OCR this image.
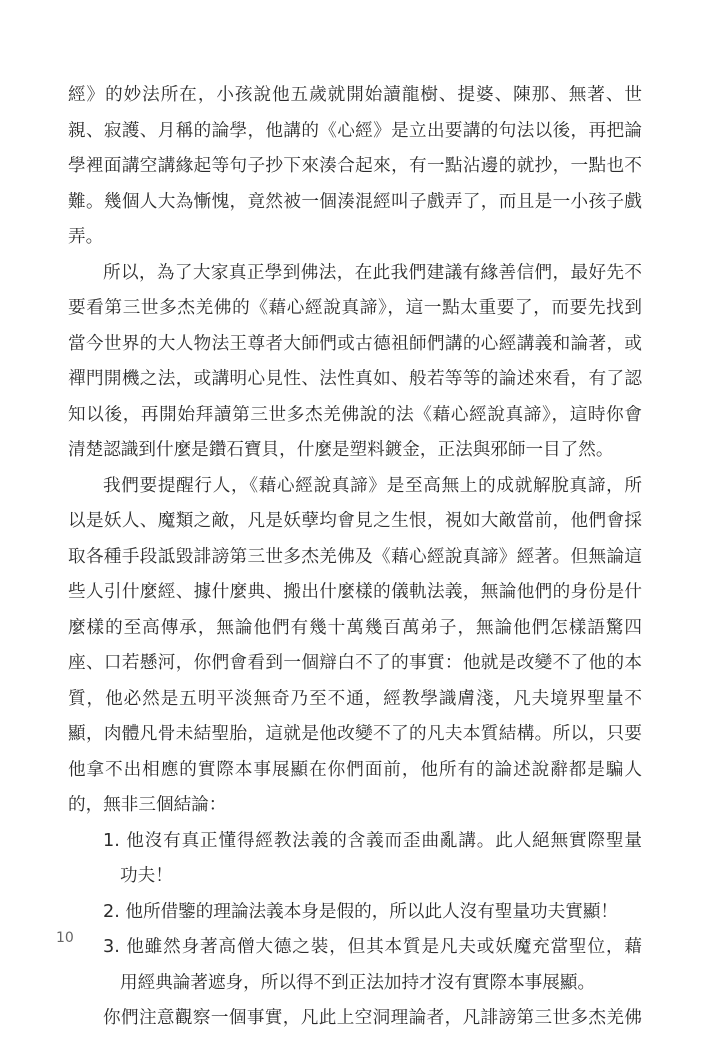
經》的妙法所在，小孩說他五歲就開始讀龍樹、提婆、陳那、無著、世
親、寂護、月稱的論學，他講的《心經》是立出要講的句法以後，再把論
學裡面講空講緣起等句子抄下來湊合起來，有一點沾邊的就抄，一點也不
難。幾個人大為慚愧，竟然被一個湊混經叫子戲弄了，而且是一小孩子戲
弄。
所以，為了大家真正學到佛法，在此我們建議有緣善信們，最好先不
要看第三世多杰羌佛的《藉心經說真諦》，這一點太重要了，而要先找到
當今世界的大人物法王尊者大師們或古德祖師們講的心經講義和論著，或
禪門開機之法，或講明心見性、法性真如、般若等等的論述來看，有了認
知以後，再開始拜讀第三世多杰羌佛說的法《藉心經說真諦》，這時你會
清楚認識到什麼是鑽石寶貝，什麼是塑料鍍金，正法與邪師一目了然。
我們要提醒行人，《藉心經說真諦》是至高無上的成就解脫真諦，所
以是妖人、魔類之敵，凡是妖孽均會見之生恨，視如大敵當前，他們會採
取各種手段詆毀誹謗第三世多杰羌佛及《藉心經說真諦》經著。但無論這
些人引什麼經、據什麼典、搬出什麼樣的儀軌法義，無論他們的身份是什
麼樣的至高傳承，無論他們有幾十萬幾百萬弟子，無論他們怎樣語驚四
座、口若懸河，你們會看到一個辯白不了的事實：他就是改變不了他的本
質，他必然是五明平淡無奇乃至不通，經教學識膚淺，凡夫境界聖量不
顯，肉體凡骨未結聖胎，這就是他改變不了的凡夫本質結構。所以，只要
他拿不出相應的實際本事展顯在你們面前，他所有的論述說辭都是騙人
的，無非三個結論：
1. 他沒有真正懂得經教法義的含義而歪曲亂講。此人絕無實際聖量
功夫！
2. 他所借鑒的理論法義本身是假的，所以此人沒有聖量功夫實顯！
3. 他雖然身著高僧大德之裝，但其本質是凡夫或妖魔充當聖位，藉
用經典論著遮身，所以得不到正法加持才沒有實際本事展顯。
你們注意觀察一個事實，凡此上空洞理論者，凡誹謗第三世多杰羌佛
10
